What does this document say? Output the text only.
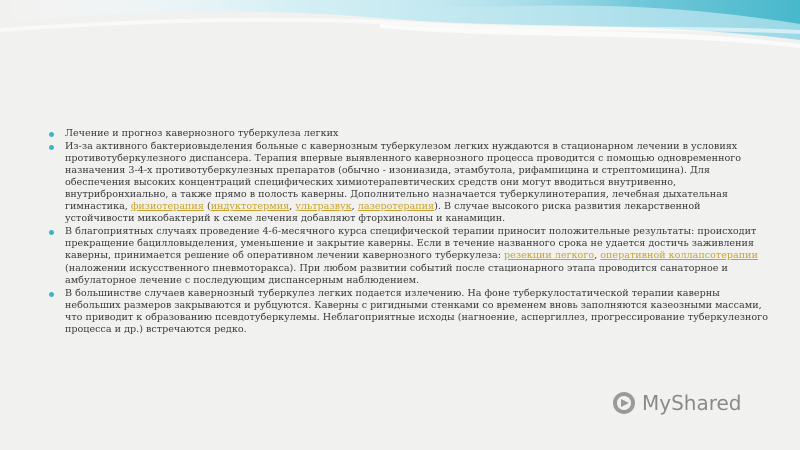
Лечение и прогноз кавернозного туберкулеза легких
Из-за активного бактериовыделения больные с кавернозным туберкулезом легких нуждаются в стационарном лечении в условиях противотуберкулезного диспансера. Терапия впервые выявленного кавернозного процесса проводится с помощью одновременного назначения 3-4-х противотуберкулезных препаратов (обычно - изониазида, этамбутола, рифампицина и стрептомицина). Для обеспечения высоких концентраций специфических химиотерапевтических средств они могут вводиться внутривенно, внутрибронхиально, а также прямо в полость каверны. Дополнительно назначается туберкулинотерапия, лечебная дыхательная гимнастика, физиотерапия (индуктотермия, ультразвук, лазеротерапия). В случае высокого риска развития лекарственной устойчивости микобактерий к схеме лечения добавляют фторхинолоны и канамицин.
В благоприятных случаях проведение 4-6-месячного курса специфической терапии приносит положительные результаты: происходит прекращение бацилловыделения, уменьшение и закрытие каверны. Если в течение названного срока не удается достичь заживления каверны, принимается решение об оперативном лечении кавернозного туберкулеза: резекции легкого, оперативной коллапсотерапии (наложении искусственного пневмоторакса). При любом развитии событий после стационарного этапа проводится санаторное и амбулаторное лечение с последующим диспансерным наблюдением.
В большинстве случаев кавернозный туберкулез легких подается излечению. На фоне туберкулостатической терапии каверны небольших размеров закрываются и рубцуются. Каверны с ригидными стенками со временем вновь заполняются казеозными массами, что приводит к образованию псевдотуберкулемы. Неблагоприятные исходы (нагноение, аспергиллез, прогрессирование туберкулезного процесса и др.) встречаются редко.
MyShared
